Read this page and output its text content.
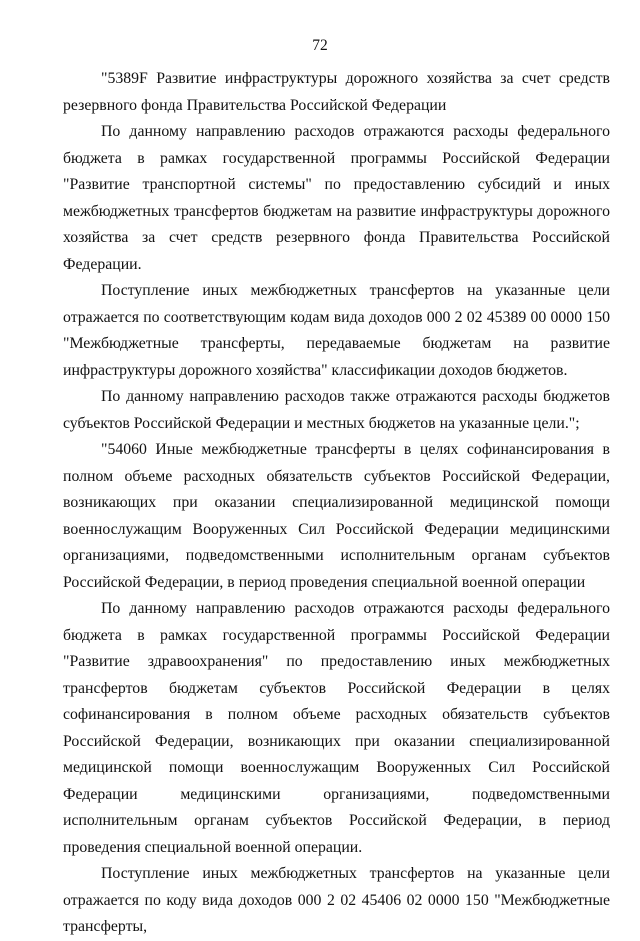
72

"5389F Развитие инфраструктуры дорожного хозяйства за счет средств резервного фонда Правительства Российской Федерации

По данному направлению расходов отражаются расходы федерального бюджета в рамках государственной программы Российской Федерации "Развитие транспортной системы" по предоставлению субсидий и иных межбюджетных трансфертов бюджетам на развитие инфраструктуры дорожного хозяйства за счет средств резервного фонда Правительства Российской Федерации.

Поступление иных межбюджетных трансфертов на указанные цели отражается по соответствующим кодам вида доходов 000 2 02 45389 00 0000 150 "Межбюджетные трансферты, передаваемые бюджетам на развитие инфраструктуры дорожного хозяйства" классификации доходов бюджетов.

По данному направлению расходов также отражаются расходы бюджетов субъектов Российской Федерации и местных бюджетов на указанные цели.";

"54060 Иные межбюджетные трансферты в целях софинансирования в полном объеме расходных обязательств субъектов Российской Федерации, возникающих при оказании специализированной медицинской помощи военнослужащим Вооруженных Сил Российской Федерации медицинскими организациями, подведомственными исполнительным органам субъектов Российской Федерации, в период проведения специальной военной операции

По данному направлению расходов отражаются расходы федерального бюджета в рамках государственной программы Российской Федерации "Развитие здравоохранения" по предоставлению иных межбюджетных трансфертов бюджетам субъектов Российской Федерации в целях софинансирования в полном объеме расходных обязательств субъектов Российской Федерации, возникающих при оказании специализированной медицинской помощи военнослужащим Вооруженных Сил Российской Федерации медицинскими организациями, подведомственными исполнительным органам субъектов Российской Федерации, в период проведения специальной военной операции.

Поступление иных межбюджетных трансфертов на указанные цели отражается по коду вида доходов 000 2 02 45406 02 0000 150 "Межбюджетные трансферты,
